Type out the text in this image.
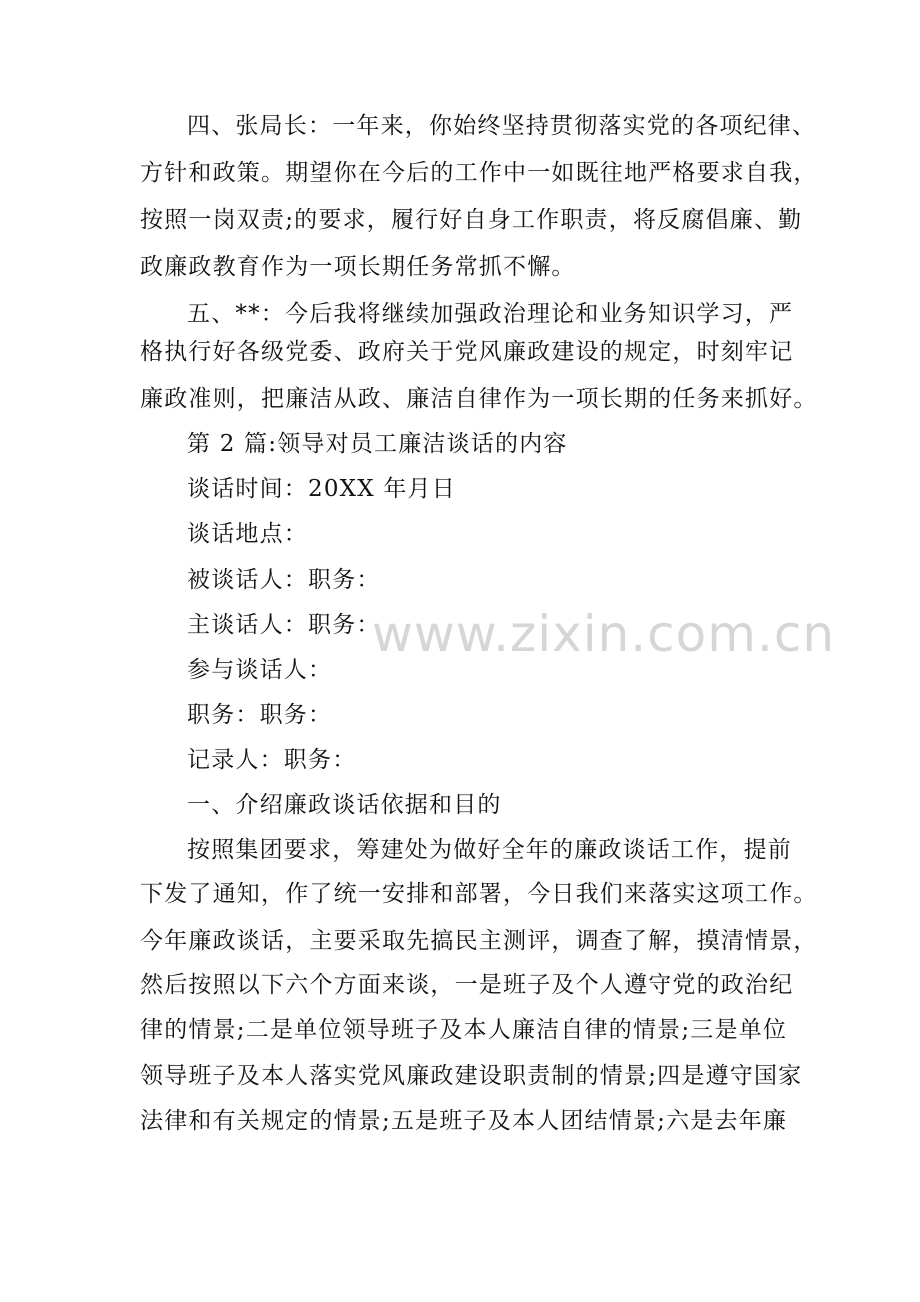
www.zixin.com.cn
四、张局长：一年来，你始终坚持贯彻落实党的各项纪律、
方针和政策。期望你在今后的工作中一如既往地严格要求自我，
按照一岗双责;的要求，履行好自身工作职责，将反腐倡廉、勤
政廉政教育作为一项长期任务常抓不懈。
五、**：今后我将继续加强政治理论和业务知识学习，严
格执行好各级党委、政府关于党风廉政建设的规定，时刻牢记
廉政准则，把廉洁从政、廉洁自律作为一项长期的任务来抓好。
第 2 篇:领导对员工廉洁谈话的内容
谈话时间：20XX 年月日
谈话地点：
被谈话人：职务：
主谈话人：职务：
参与谈话人：
职务：职务：
记录人：职务：
一、介绍廉政谈话依据和目的
按照集团要求，筹建处为做好全年的廉政谈话工作，提前
下发了通知，作了统一安排和部署，今日我们来落实这项工作。
今年廉政谈话，主要采取先搞民主测评，调查了解，摸清情景，
然后按照以下六个方面来谈，一是班子及个人遵守党的政治纪
律的情景;二是单位领导班子及本人廉洁自律的情景;三是单位
领导班子及本人落实党风廉政建设职责制的情景;四是遵守国家
法律和有关规定的情景;五是班子及本人团结情景;六是去年廉
